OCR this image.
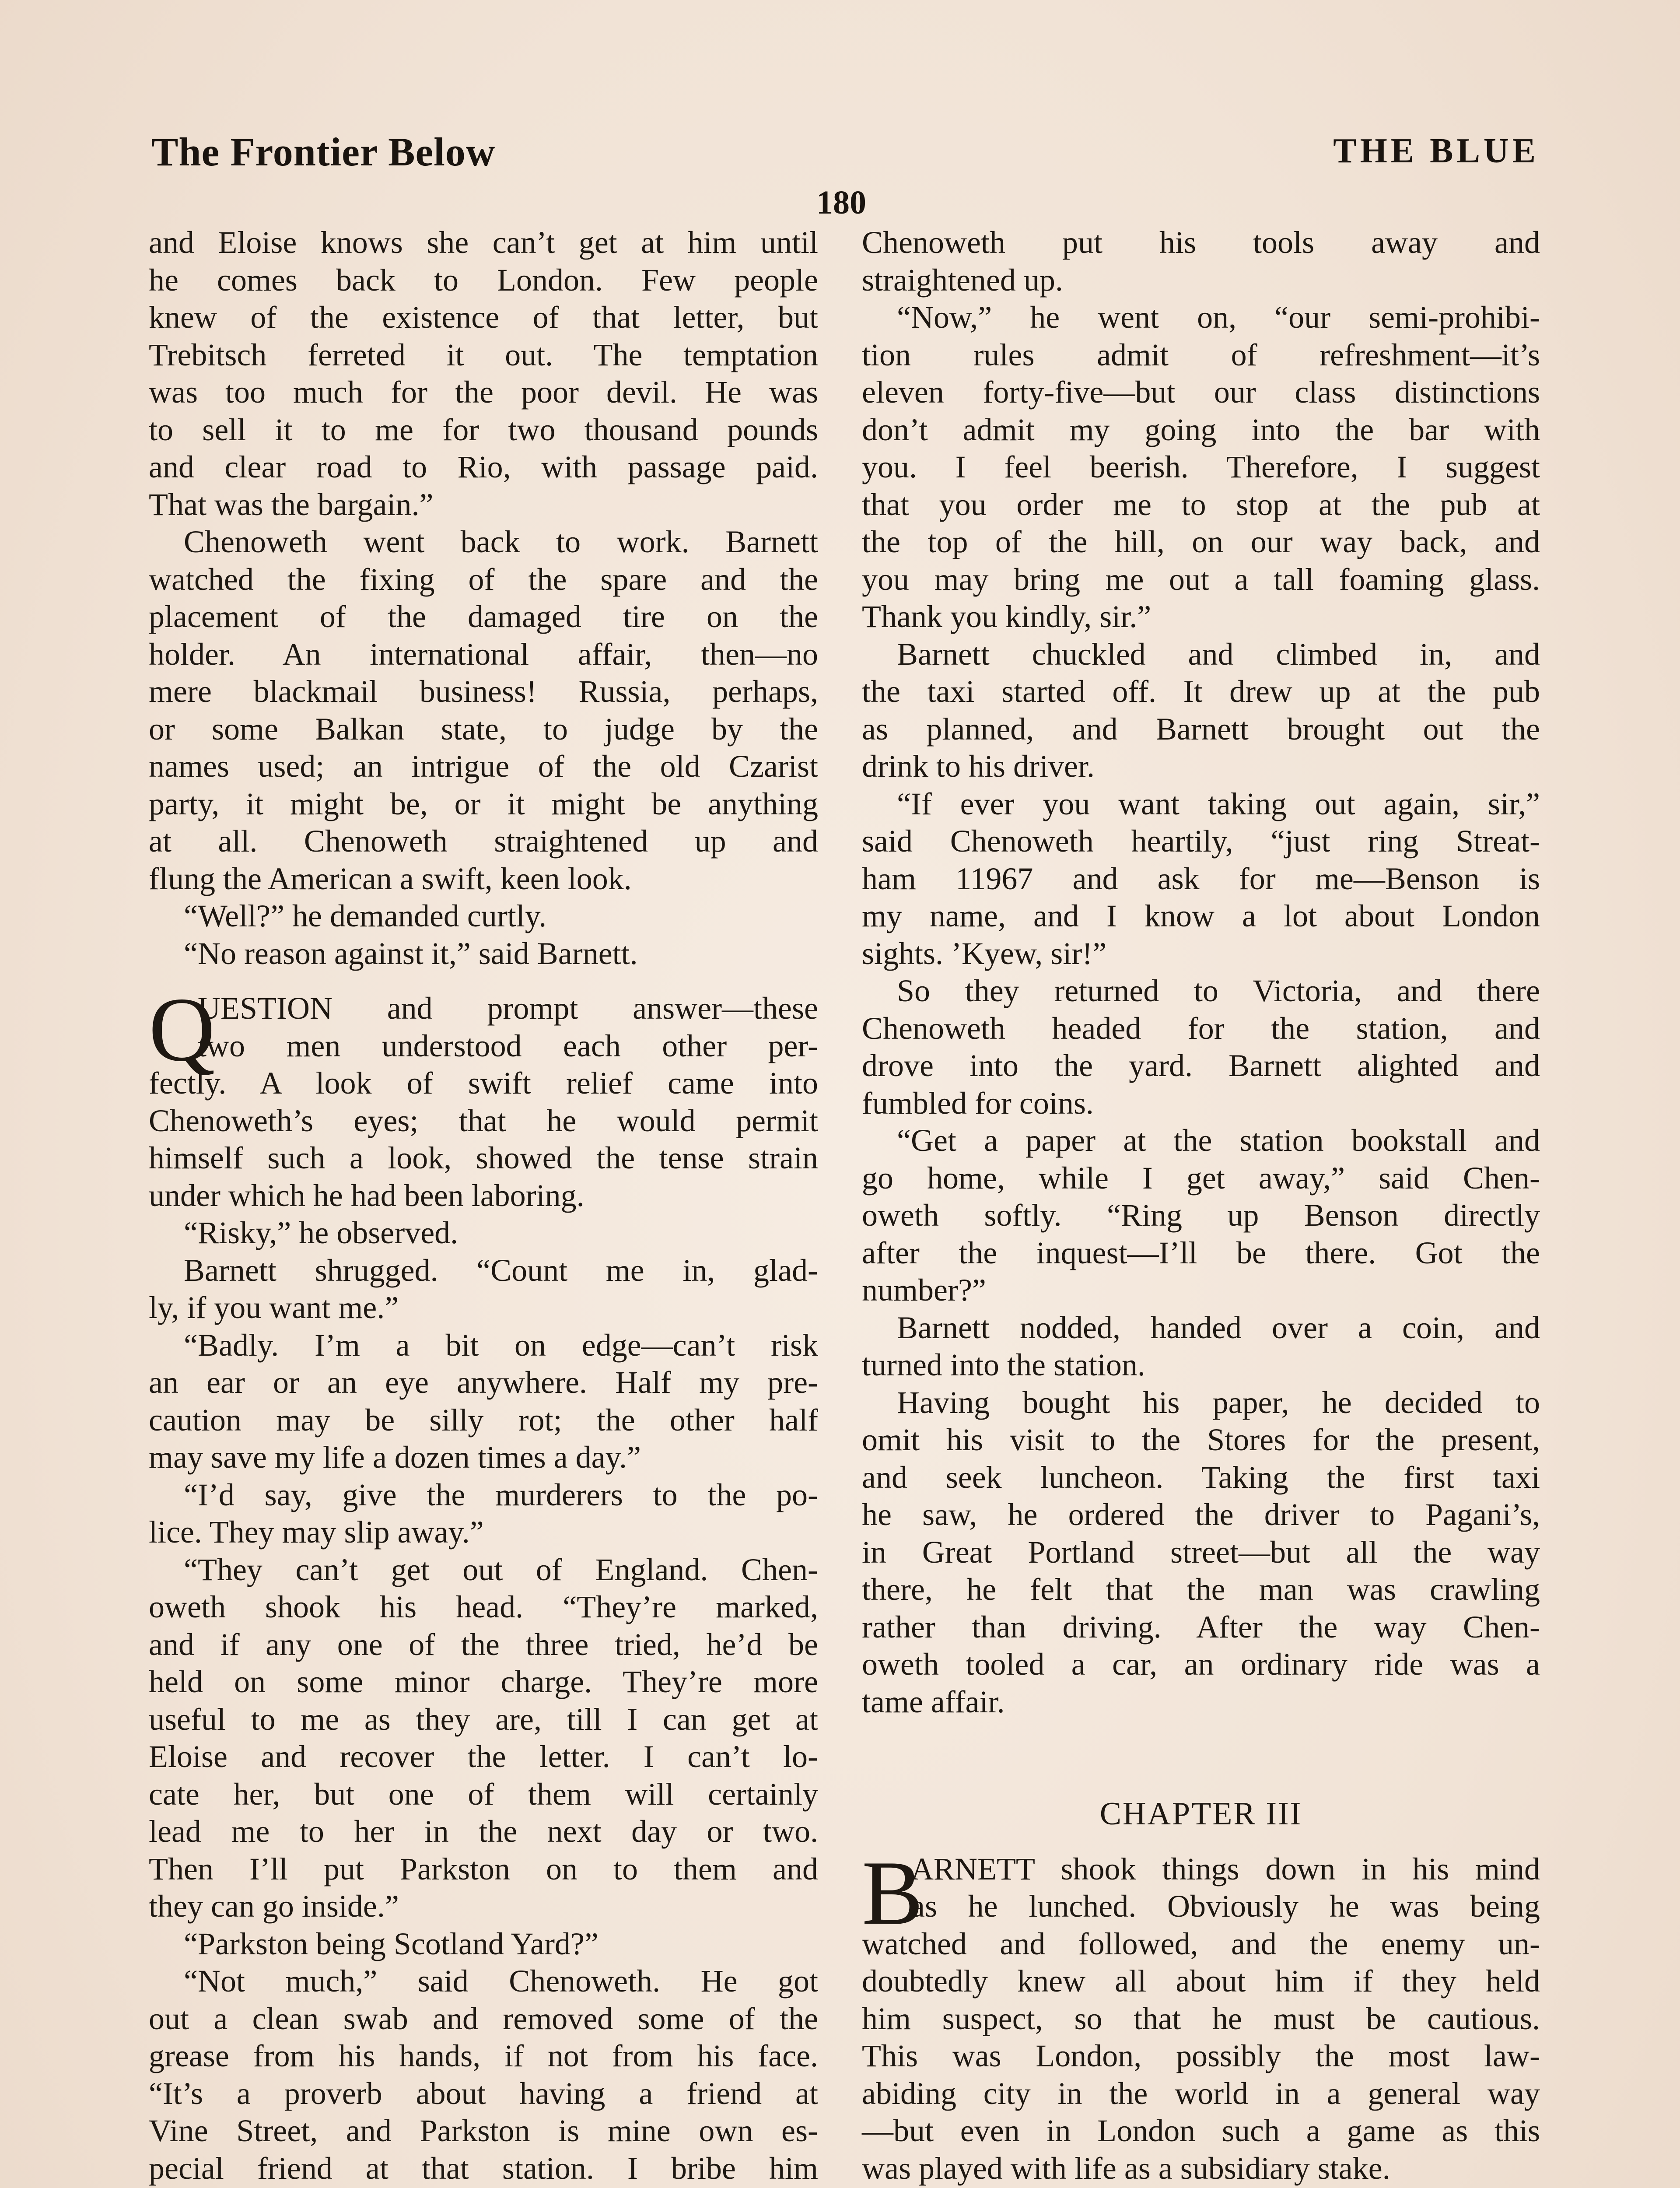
The Frontier Below	THE BLUE
180
and Eloise knows she can’t get at him until
he comes back to London. Few people
knew of the existence of that letter, but
Trebitsch ferreted it out. The temptation
was too much for the poor devil. He was
to sell it to me for two thousand pounds
and clear road to Rio, with passage paid.
That was the bargain.”
Chenoweth went back to work. Barnett
watched the fixing of the spare and the
placement of the damaged tire on the
holder. An international affair, then—no
mere blackmail business! Russia, perhaps,
or some Balkan state, to judge by the
names used; an intrigue of the old Czarist
party, it might be, or it might be anything
at all. Chenoweth straightened up and
flung the American a swift, keen look.
“Well?” he demanded curtly.
“No reason against it,” said Barnett.
Q
UESTION and prompt answer—these
two men understood each other per-
fectly. A look of swift relief came into
Chenoweth’s eyes; that he would permit
himself such a look, showed the tense strain
under which he had been laboring.
“Risky,” he observed.
Barnett shrugged. “Count me in, glad-
ly, if you want me.”
“Badly. I’m a bit on edge—can’t risk
an ear or an eye anywhere. Half my pre-
caution may be silly rot; the other half
may save my life a dozen times a day.”
“I’d say, give the murderers to the po-
lice. They may slip away.”
“They can’t get out of England. Chen-
oweth shook his head. “They’re marked,
and if any one of the three tried, he’d be
held on some minor charge. They’re more
useful to me as they are, till I can get at
Eloise and recover the letter. I can’t lo-
cate her, but one of them will certainly
lead me to her in the next day or two.
Then I’ll put Parkston on to them and
they can go inside.”
“Parkston being Scotland Yard?”
“Not much,” said Chenoweth. He got
out a clean swab and removed some of the
grease from his hands, if not from his face.
“It’s a proverb about having a friend at
Vine Street, and Parkston is mine own es-
pecial friend at that station. I bribe him
Chenoweth put his tools away and
straightened up.
“Now,” he went on, “our semi-prohibi-
tion rules admit of refreshment—it’s
eleven forty-five—but our class distinctions
don’t admit my going into the bar with
you. I feel beerish. Therefore, I suggest
that you order me to stop at the pub at
the top of the hill, on our way back, and
you may bring me out a tall foaming glass.
Thank you kindly, sir.”
Barnett chuckled and climbed in, and
the taxi started off. It drew up at the pub
as planned, and Barnett brought out the
drink to his driver.
“If ever you want taking out again, sir,”
said Chenoweth heartily, “just ring Streat-
ham 11967 and ask for me—Benson is
my name, and I know a lot about London
sights. ’Kyew, sir!”
So they returned to Victoria, and there
Chenoweth headed for the station, and
drove into the yard. Barnett alighted and
fumbled for coins.
“Get a paper at the station bookstall and
go home, while I get away,” said Chen-
oweth softly. “Ring up Benson directly
after the inquest—I’ll be there. Got the
number?”
Barnett nodded, handed over a coin, and
turned into the station.
Having bought his paper, he decided to
omit his visit to the Stores for the present,
and seek luncheon. Taking the first taxi
he saw, he ordered the driver to Pagani’s,
in Great Portland street—but all the way
there, he felt that the man was crawling
rather than driving. After the way Chen-
oweth tooled a car, an ordinary ride was a
tame affair.
CHAPTER III
B
ARNETT shook things down in his mind
as he lunched. Obviously he was being
watched and followed, and the enemy un-
doubtedly knew all about him if they held
him suspect, so that he must be cautious.
This was London, possibly the most law-
abiding city in the world in a general way
—but even in London such a game as this
was played with life as a subsidiary stake.
